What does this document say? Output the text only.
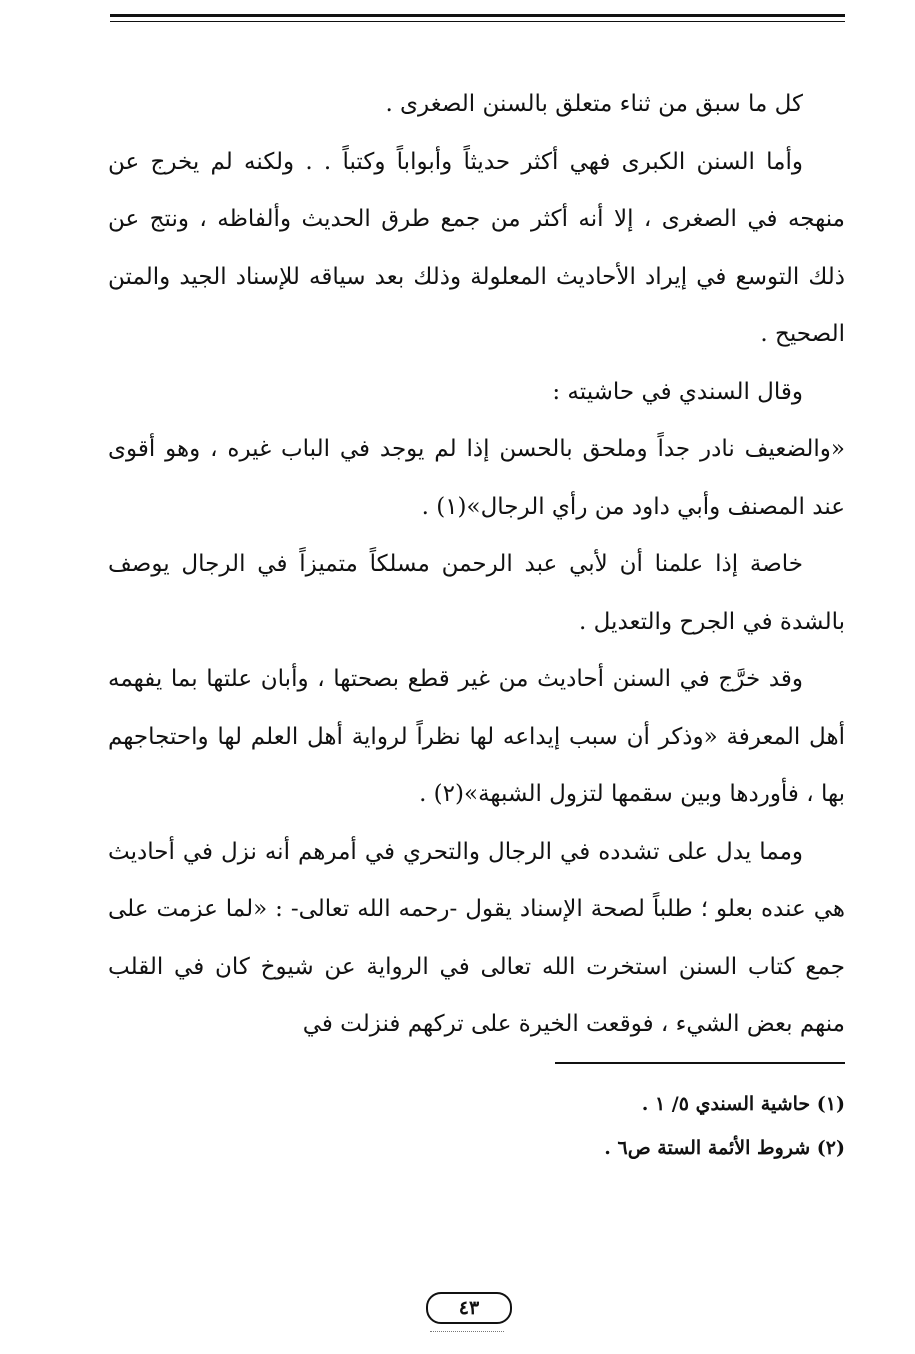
كل ما سبق من ثناء متعلق بالسنن الصغرى .

وأما السنن الكبرى فهي أكثر حديثاً وأبواباً وكتباً . . ولكنه لم يخرج عن منهجه في الصغرى ، إلا أنه أكثر من جمع طرق الحديث وألفاظه ، ونتج عن ذلك التوسع في إيراد الأحاديث المعلولة وذلك بعد سياقه للإسناد الجيد والمتن الصحيح .

وقال السندي في حاشيته :

«والضعيف نادر جداً وملحق بالحسن إذا لم يوجد في الباب غيره ، وهو أقوى عند المصنف وأبي داود من رأي الرجال»(١) .

خاصة إذا علمنا أن لأبي عبد الرحمن مسلكاً متميزاً في الرجال يوصف بالشدة في الجرح والتعديل .

وقد خرَّج في السنن أحاديث من غير قطع بصحتها ، وأبان علتها بما يفهمه أهل المعرفة «وذكر أن سبب إيداعه لها نظراً لرواية أهل العلم لها واحتجاجهم بها ، فأوردها وبين سقمها لتزول الشبهة»(٢) .

ومما يدل على تشدده في الرجال والتحري في أمرهم أنه نزل في أحاديث هي عنده بعلو ؛ طلباً لصحة الإسناد يقول -رحمه الله تعالى- : «لما عزمت على جمع كتاب السنن استخرت الله تعالى في الرواية عن شيوخ كان في القلب منهم بعض الشيء ، فوقعت الخيرة على تركهم فنزلت في

(١) حاشية السندي ٥/ ١ .

(٢) شروط الأئمة الستة ص٦ .

٤٣
